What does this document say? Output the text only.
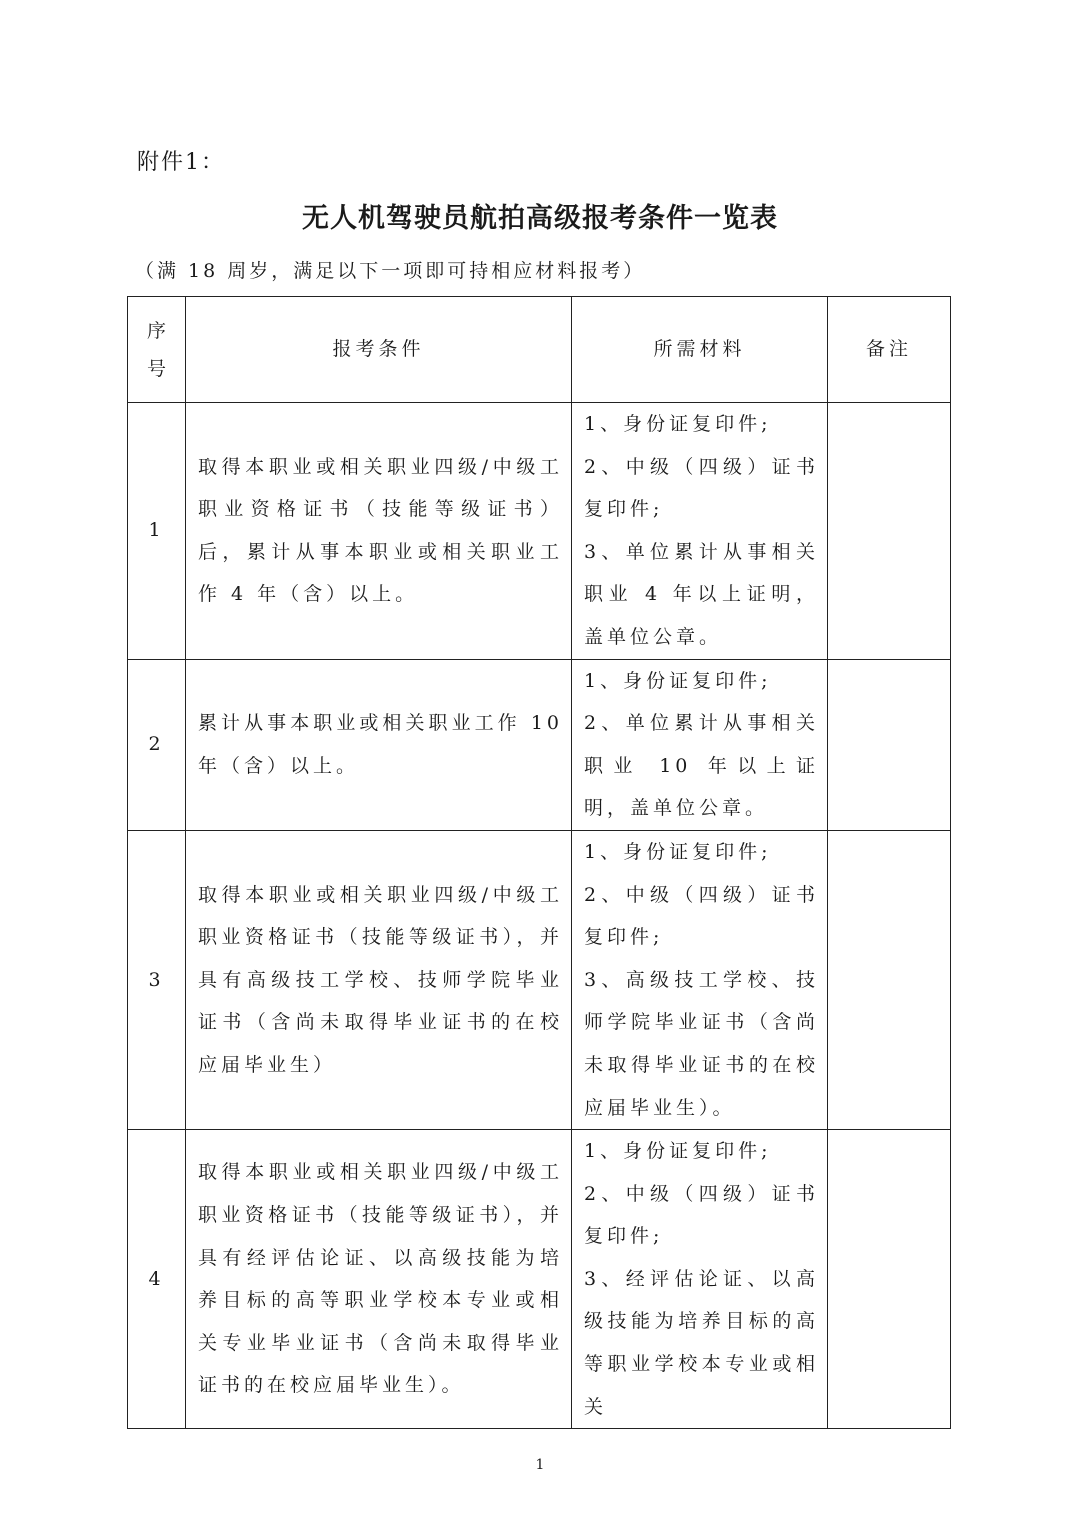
附件1：
无人机驾驶员航拍高级报考条件一览表
（满 18 周岁，满足以下一项即可持相应材料报考）
序号	报考条件	所需材料	备注
1	取得本职业或相关职业四级/中级工职业资格证书（技能等级证书）后，累计从事本职业或相关职业工作 4 年（含）以上。	1、身份证复印件;
2、中级（四级）证书复印件;
3、单位累计从事相关职业 4 年以上证明，盖单位公章。	
2	累计从事本职业或相关职业工作 10 年（含）以上。	1、身份证复印件;
2、单位累计从事相关职业 10 年以上证明，盖单位公章。	
3	取得本职业或相关职业四级/中级工职业资格证书（技能等级证书），并具有高级技工学校、技师学院毕业证书（含尚未取得毕业证书的在校应届毕业生）	1、身份证复印件;
2、中级（四级）证书复印件;
3、高级技工学校、技师学院毕业证书（含尚未取得毕业证书的在校应届毕业生）。	
4	取得本职业或相关职业四级/中级工职业资格证书（技能等级证书），并具有经评估论证、以高级技能为培养目标的高等职业学校本专业或相关专业毕业证书（含尚未取得毕业证书的在校应届毕业生）。	1、身份证复印件;
2、中级（四级）证书复印件;
3、经评估论证、以高级技能为培养目标的高等职业学校本专业或相关	
1
